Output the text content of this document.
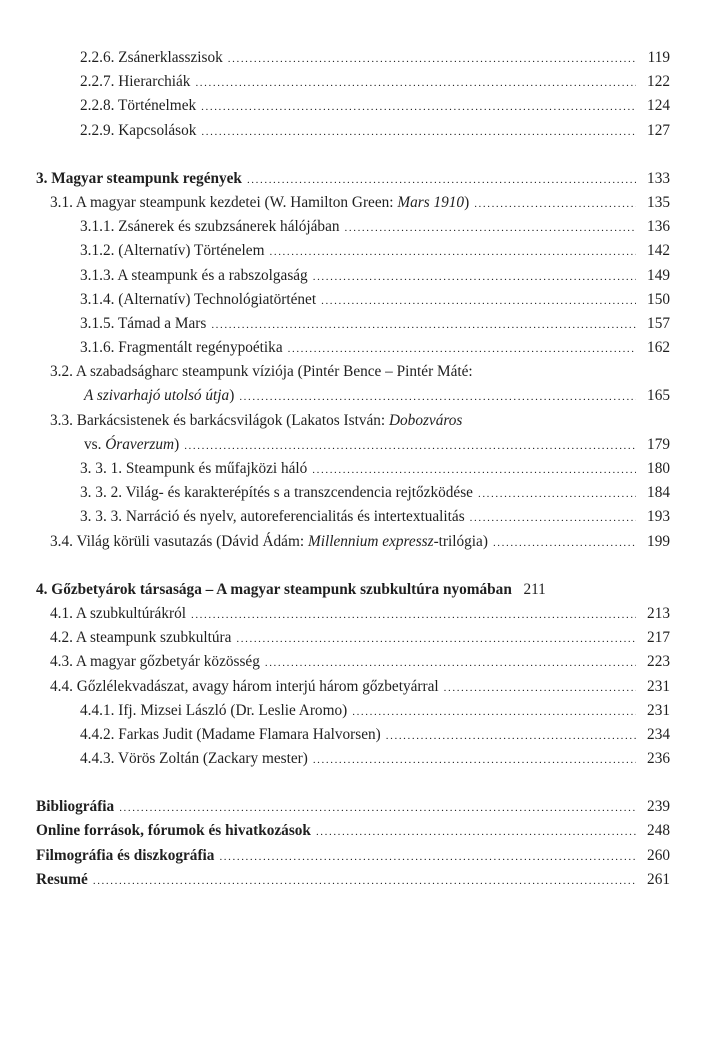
2.2.6. Zsánerklasszisok .....	119
2.2.7. Hierarchiák .....	122
2.2.8. Történelmek .....	124
2.2.9. Kapcsolások .....	127
3. Magyar steampunk regények .....	133
3.1. A magyar steampunk kezdetei (W. Hamilton Green: Mars 1910) .....	135
3.1.1. Zsánerek és szubzsánerek hálójában .....	136
3.1.2. (Alternatív) Történelem .....	142
3.1.3. A steampunk és a rabszolgaság .....	149
3.1.4. (Alternatív) Technológiatörténet .....	150
3.1.5. Támad a Mars .....	157
3.1.6. Fragmentált regénypoétika .....	162
3.2. A szabadságharc steampunk víziója (Pintér Bence – Pintér Máté:
A szivarhajó utolsó útja) .....	165
3.3. Barkácsistenek és barkácsvilágok (Lakatos István: Dobozváros
vs. Óraverzum) .....	179
3. 3. 1. Steampunk és műfajközi háló .....	180
3. 3. 2. Világ- és karakterépítés s a transzcendencia rejtőzködése .....	184
3. 3. 3. Narráció és nyelv, autoreferencialitás és intertextualitás .....	193
3.4. Világ körüli vasutazás (Dávid Ádám: Millennium expressz-trilógia) .....	199
4. Gőzbetyárok társasága – A magyar steampunk szubkultúra nyomában 211
4.1. A szubkultúrákról .....	213
4.2. A steampunk szubkultúra .....	217
4.3. A magyar gőzbetyár közösség .....	223
4.4. Gőzlélekvadászat, avagy három interjú három gőzbetyárral .....	231
4.4.1. Ifj. Mizsei László (Dr. Leslie Aromo) .....	231
4.4.2. Farkas Judit (Madame Flamara Halvorsen) .....	234
4.4.3. Vörös Zoltán (Zackary mester) .....	236
Bibliográfia .....	239
Online források, fórumok és hivatkozások .....	248
Filmográfia és diszkográfia .....	260
Resumé .....	261
